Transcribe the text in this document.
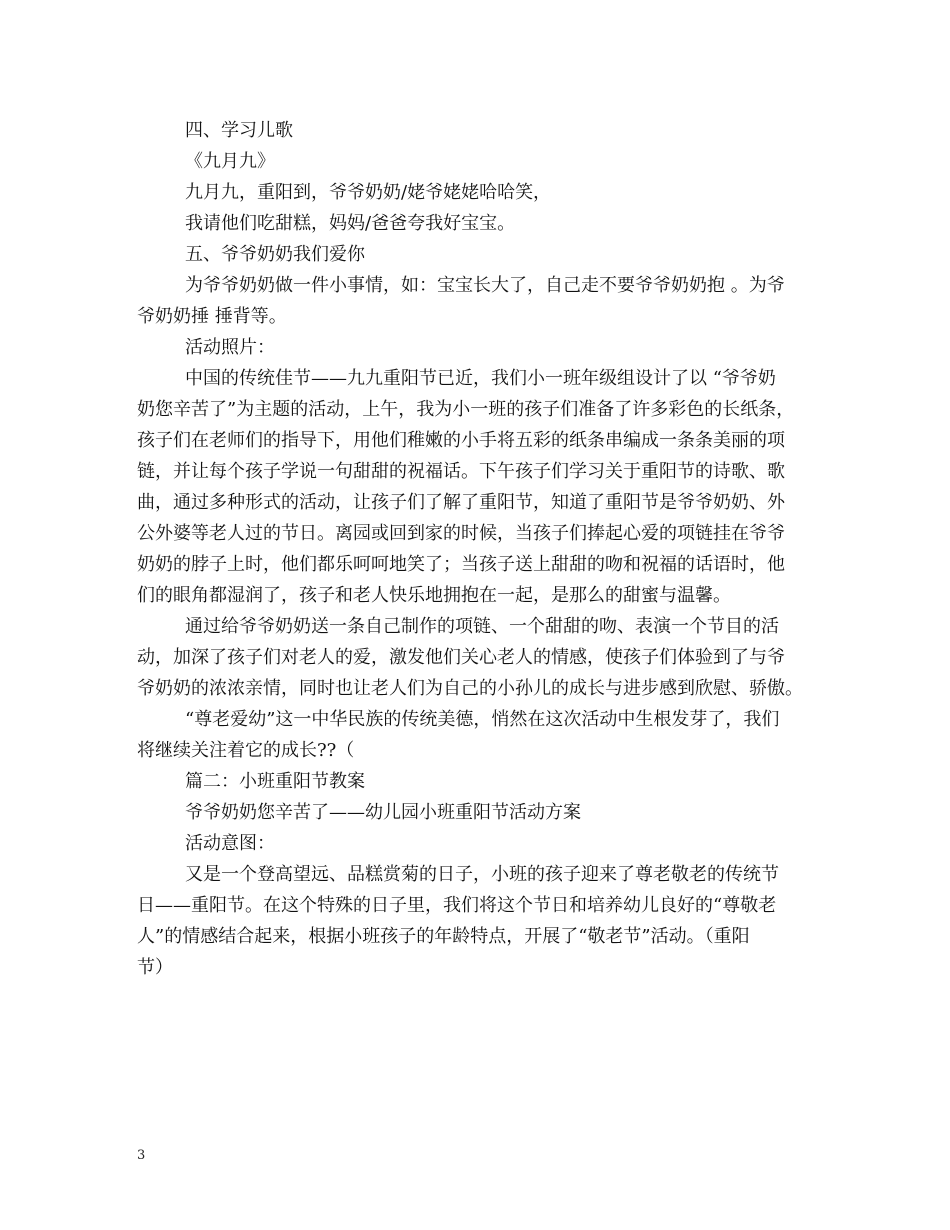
四、学习儿歌
《九月九》
九月九，重阳到，爷爷奶奶/姥爷姥姥哈哈笑，
我请他们吃甜糕，妈妈/爸爸夸我好宝宝。
五、爷爷奶奶我们爱你
为爷爷奶奶做一件小事情，如：宝宝长大了，自己走不要爷爷奶奶抱 。为爷
爷奶奶捶 捶背等。
活动照片：
中国的传统佳节——九九重阳节已近，我们小一班年级组设计了以 “爷爷奶
奶您辛苦了”为主题的活动，上午，我为小一班的孩子们准备了许多彩色的长纸条，
孩子们在老师们的指导下，用他们稚嫩的小手将五彩的纸条串编成一条条美丽的项
链，并让每个孩子学说一句甜甜的祝福话。下午孩子们学习关于重阳节的诗歌、歌
曲，通过多种形式的活动，让孩子们了解了重阳节，知道了重阳节是爷爷奶奶、外
公外婆等老人过的节日。离园或回到家的时候，当孩子们捧起心爱的项链挂在爷爷
奶奶的脖子上时，他们都乐呵呵地笑了；当孩子送上甜甜的吻和祝福的话语时，他
们的眼角都湿润了，孩子和老人快乐地拥抱在一起，是那么的甜蜜与温馨。
通过给爷爷奶奶送一条自己制作的项链、一个甜甜的吻、表演一个节目的活
动，加深了孩子们对老人的爱，激发他们关心老人的情感，使孩子们体验到了与爷
爷奶奶的浓浓亲情，同时也让老人们为自己的小孙儿的成长与进步感到欣慰、骄傲。
“尊老爱幼”这一中华民族的传统美德，悄然在这次活动中生根发芽了，我们
将继续关注着它的成长??（
篇二：小班重阳节教案
爷爷奶奶您辛苦了——幼儿园小班重阳节活动方案
活动意图：
又是一个登高望远、品糕赏菊的日子，小班的孩子迎来了尊老敬老的传统节
日——重阳节。在这个特殊的日子里，我们将这个节日和培养幼儿良好的“尊敬老
人”的情感结合起来，根据小班孩子的年龄特点，开展了“敬老节”活动。（重阳
节）
3
